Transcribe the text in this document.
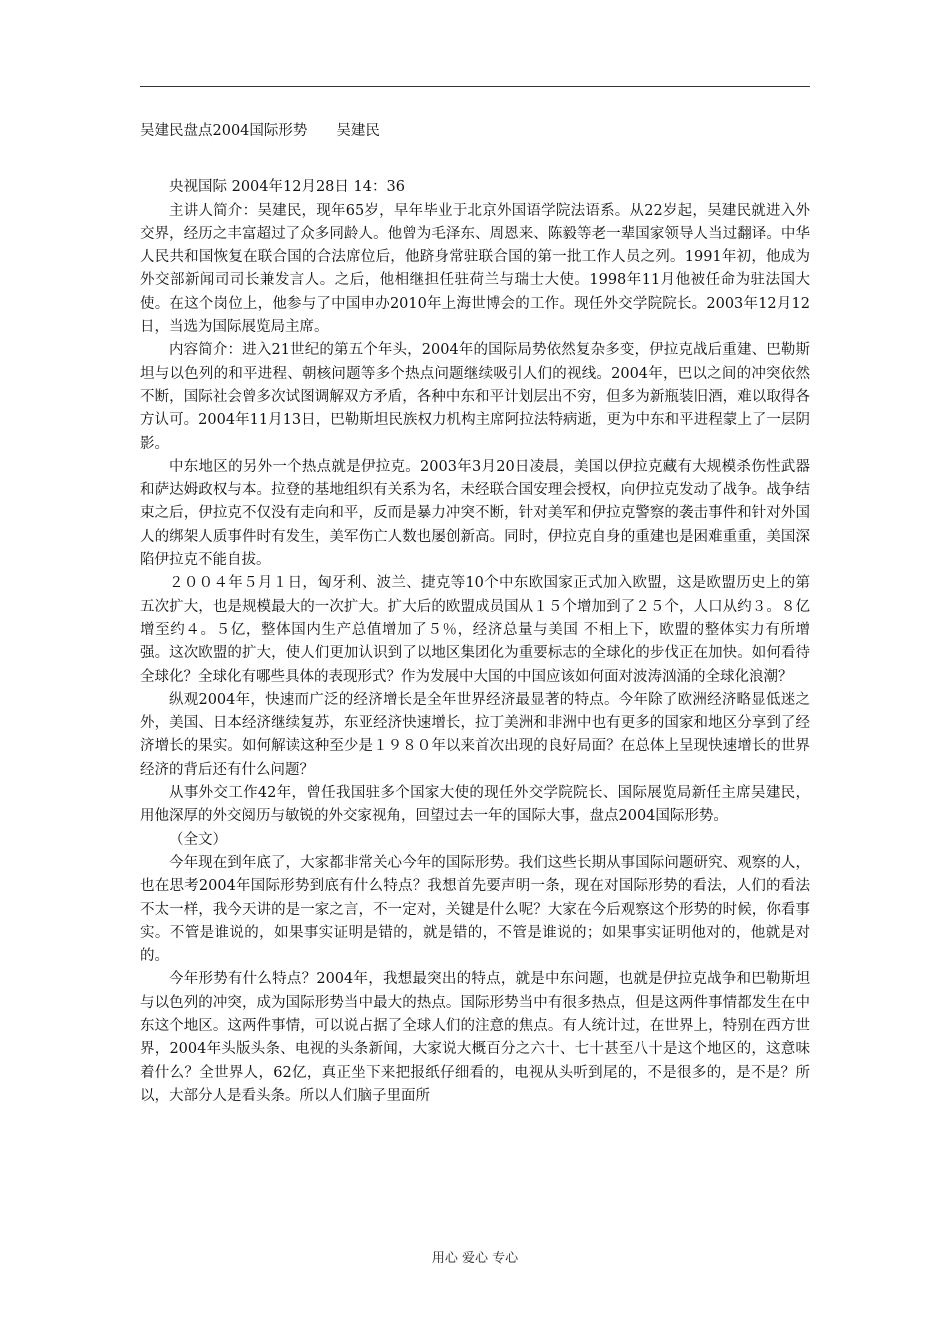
吴建民盘点2004国际形势　　吴建民
央视国际 2004年12月28日 14：36

主讲人简介：吴建民，现年65岁，早年毕业于北京外国语学院法语系。从22岁起，吴建民就进入外交界，经历之丰富超过了众多同龄人。他曾为毛泽东、周恩来、陈毅等老一辈国家领导人当过翻译。中华人民共和国恢复在联合国的合法席位后，他跻身常驻联合国的第一批工作人员之列。1991年初，他成为外交部新闻司司长兼发言人。之后，他相继担任驻荷兰与瑞士大使。1998年11月他被任命为驻法国大使。在这个岗位上，他参与了中国申办2010年上海世博会的工作。现任外交学院院长。2003年12月12日，当选为国际展览局主席。

内容简介：进入21世纪的第五个年头，2004年的国际局势依然复杂多变，伊拉克战后重建、巴勒斯坦与以色列的和平进程、朝核问题等多个热点问题继续吸引人们的视线。2004年，巴以之间的冲突依然不断，国际社会曾多次试图调解双方矛盾，各种中东和平计划层出不穷，但多为新瓶装旧酒，难以取得各方认可。2004年11月13日，巴勒斯坦民族权力机构主席阿拉法特病逝，更为中东和平进程蒙上了一层阴影。

中东地区的另外一个热点就是伊拉克。2003年3月20日凌晨，美国以伊拉克藏有大规模杀伤性武器和萨达姆政权与本。拉登的基地组织有关系为名，未经联合国安理会授权，向伊拉克发动了战争。战争结束之后，伊拉克不仅没有走向和平，反而是暴力冲突不断，针对美军和伊拉克警察的袭击事件和针对外国人的绑架人质事件时有发生，美军伤亡人数也屡创新高。同时，伊拉克自身的重建也是困难重重，美国深陷伊拉克不能自拔。

２００４年５月１日，匈牙利、波兰、捷克等10个中东欧国家正式加入欧盟，这是欧盟历史上的第五次扩大，也是规模最大的一次扩大。扩大后的欧盟成员国从１５个增加到了２５个，人口从约３。８亿增至约４。５亿，整体国内生产总值增加了５％，经济总量与美国 不相上下，欧盟的整体实力有所增强。这次欧盟的扩大，使人们更加认识到了以地区集团化为重要标志的全球化的步伐正在加快。如何看待全球化？全球化有哪些具体的表现形式？作为发展中大国的中国应该如何面对波涛汹涌的全球化浪潮？

纵观2004年，快速而广泛的经济增长是全年世界经济最显著的特点。今年除了欧洲经济略显低迷之外，美国、日本经济继续复苏，东亚经济快速增长，拉丁美洲和非洲中也有更多的国家和地区分享到了经济增长的果实。如何解读这种至少是１９８０年以来首次出现的良好局面？在总体上呈现快速增长的世界经济的背后还有什么问题？

从事外交工作42年，曾任我国驻多个国家大使的现任外交学院院长、国际展览局新任主席吴建民，用他深厚的外交阅历与敏锐的外交家视角，回望过去一年的国际大事，盘点2004国际形势。

（全文）

今年现在到年底了，大家都非常关心今年的国际形势。我们这些长期从事国际问题研究、观察的人，也在思考2004年国际形势到底有什么特点？我想首先要声明一条，现在对国际形势的看法，人们的看法不太一样，我今天讲的是一家之言，不一定对，关键是什么呢？大家在今后观察这个形势的时候，你看事实。不管是谁说的，如果事实证明是错的，就是错的，不管是谁说的；如果事实证明他对的，他就是对的。

今年形势有什么特点？2004年，我想最突出的特点，就是中东问题，也就是伊拉克战争和巴勒斯坦与以色列的冲突，成为国际形势当中最大的热点。国际形势当中有很多热点，但是这两件事情都发生在中东这个地区。这两件事情，可以说占据了全球人们的注意的焦点。有人统计过，在世界上，特别在西方世界，2004年头版头条、电视的头条新闻，大家说大概百分之六十、七十甚至八十是这个地区的，这意味着什么？全世界人，62亿，真正坐下来把报纸仔细看的，电视从头听到尾的，不是很多的，是不是？所以，大部分人是看头条。所以人们脑子里面所

用心 爱心 专心
